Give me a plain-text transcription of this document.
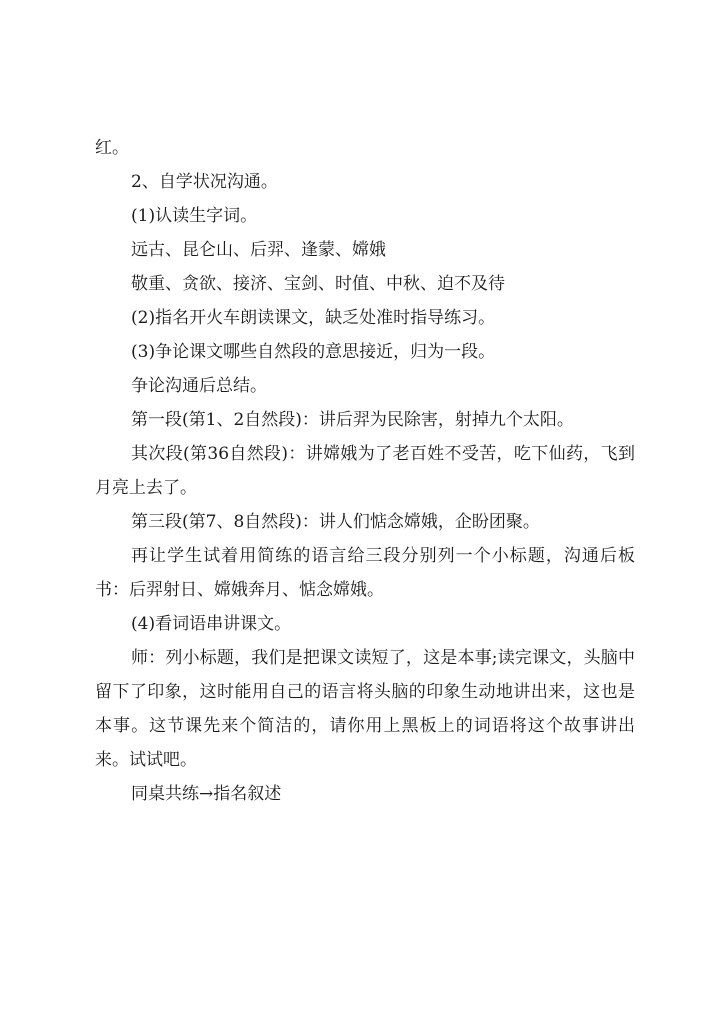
红。

2、自学状况沟通。

(1)认读生字词。

远古、昆仑山、后羿、逢蒙、嫦娥

敬重、贪欲、接济、宝剑、时值、中秋、迫不及待

(2)指名开火车朗读课文，缺乏处准时指导练习。

(3)争论课文哪些自然段的意思接近，归为一段。

争论沟通后总结。

第一段(第1、2自然段)：讲后羿为民除害，射掉九个太阳。

其次段(第36自然段)：讲嫦娥为了老百姓不受苦，吃下仙药，飞到月亮上去了。

第三段(第7、8自然段)：讲人们惦念嫦娥，企盼团聚。

再让学生试着用简练的语言给三段分别列一个小标题，沟通后板书：后羿射日、嫦娥奔月、惦念嫦娥。

(4)看词语串讲课文。

师：列小标题，我们是把课文读短了，这是本事;读完课文，头脑中留下了印象，这时能用自己的语言将头脑的印象生动地讲出来，这也是本事。这节课先来个简洁的，请你用上黑板上的词语将这个故事讲出来。试试吧。

同桌共练→指名叙述
